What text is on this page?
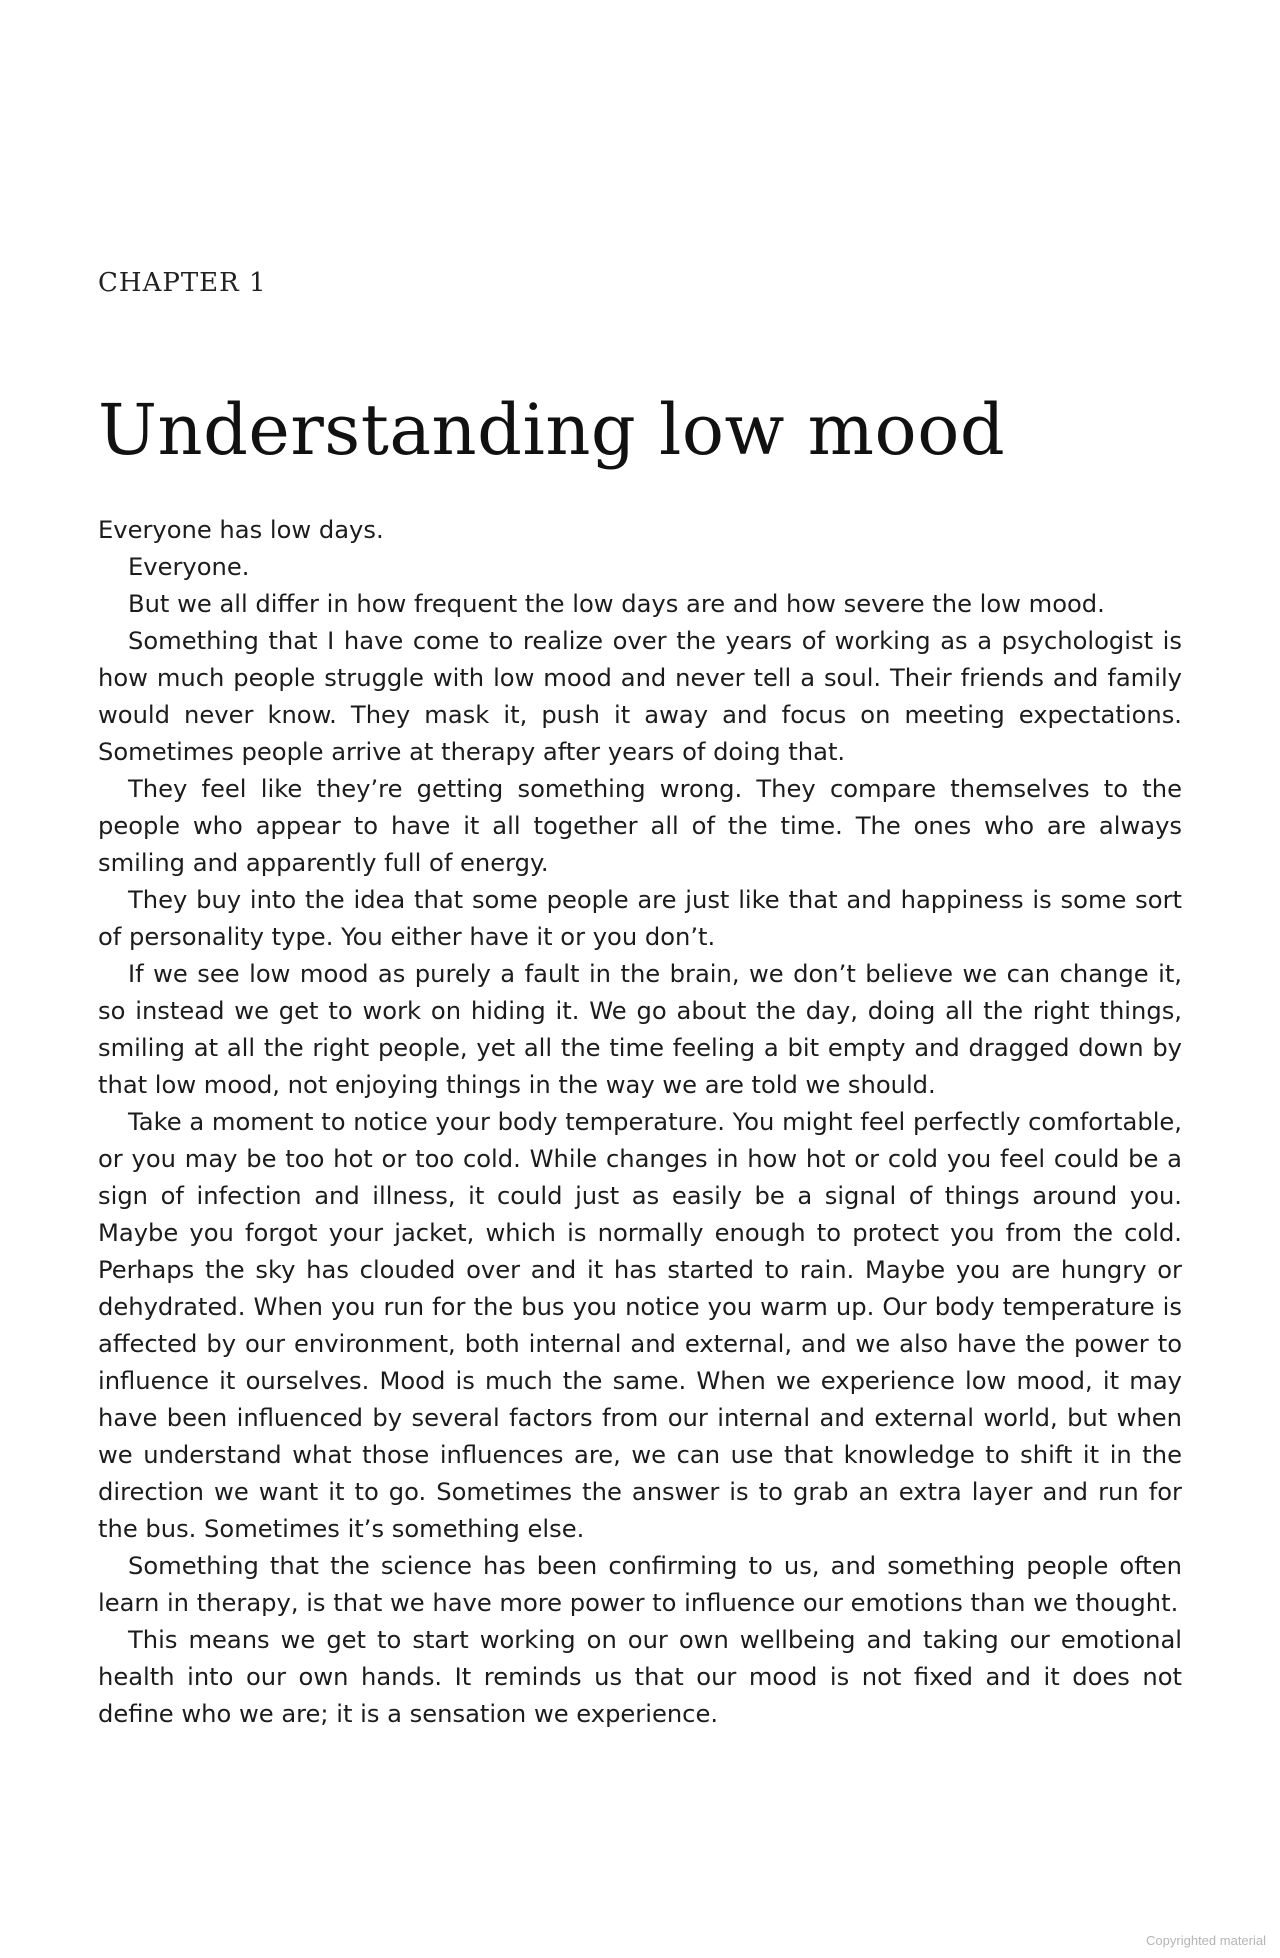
CHAPTER 1
Understanding low mood

Everyone has low days.

Everyone.

But we all differ in how frequent the low days are and how severe the low mood.

Something that I have come to realize over the years of working as a psychologist is how much people struggle with low mood and never tell a soul. Their friends and family would never know. They mask it, push it away and focus on meeting expectations. Sometimes people arrive at therapy after years of doing that.

They feel like they’re getting something wrong. They compare themselves to the people who appear to have it all together all of the time. The ones who are always smiling and apparently full of energy.

They buy into the idea that some people are just like that and happiness is some sort of personality type. You either have it or you don’t.

If we see low mood as purely a fault in the brain, we don’t believe we can change it, so instead we get to work on hiding it. We go about the day, doing all the right things, smiling at all the right people, yet all the time feeling a bit empty and dragged down by that low mood, not enjoying things in the way we are told we should.

Take a moment to notice your body temperature. You might feel perfectly comfortable, or you may be too hot or too cold. While changes in how hot or cold you feel could be a sign of infection and illness, it could just as easily be a signal of things around you. Maybe you forgot your jacket, which is normally enough to protect you from the cold. Perhaps the sky has clouded over and it has started to rain. Maybe you are hungry or dehydrated. When you run for the bus you notice you warm up. Our body temperature is affected by our environment, both internal and external, and we also have the power to influence it ourselves. Mood is much the same. When we experience low mood, it may have been influenced by several factors from our internal and external world, but when we understand what those influences are, we can use that knowledge to shift it in the direction we want it to go. Sometimes the answer is to grab an extra layer and run for the bus. Sometimes it’s something else.

Something that the science has been confirming to us, and something people often learn in therapy, is that we have more power to influence our emotions than we thought.

This means we get to start working on our own wellbeing and taking our emotional health into our own hands. It reminds us that our mood is not fixed and it does not define who we are; it is a sensation we experience.

Copyrighted material
